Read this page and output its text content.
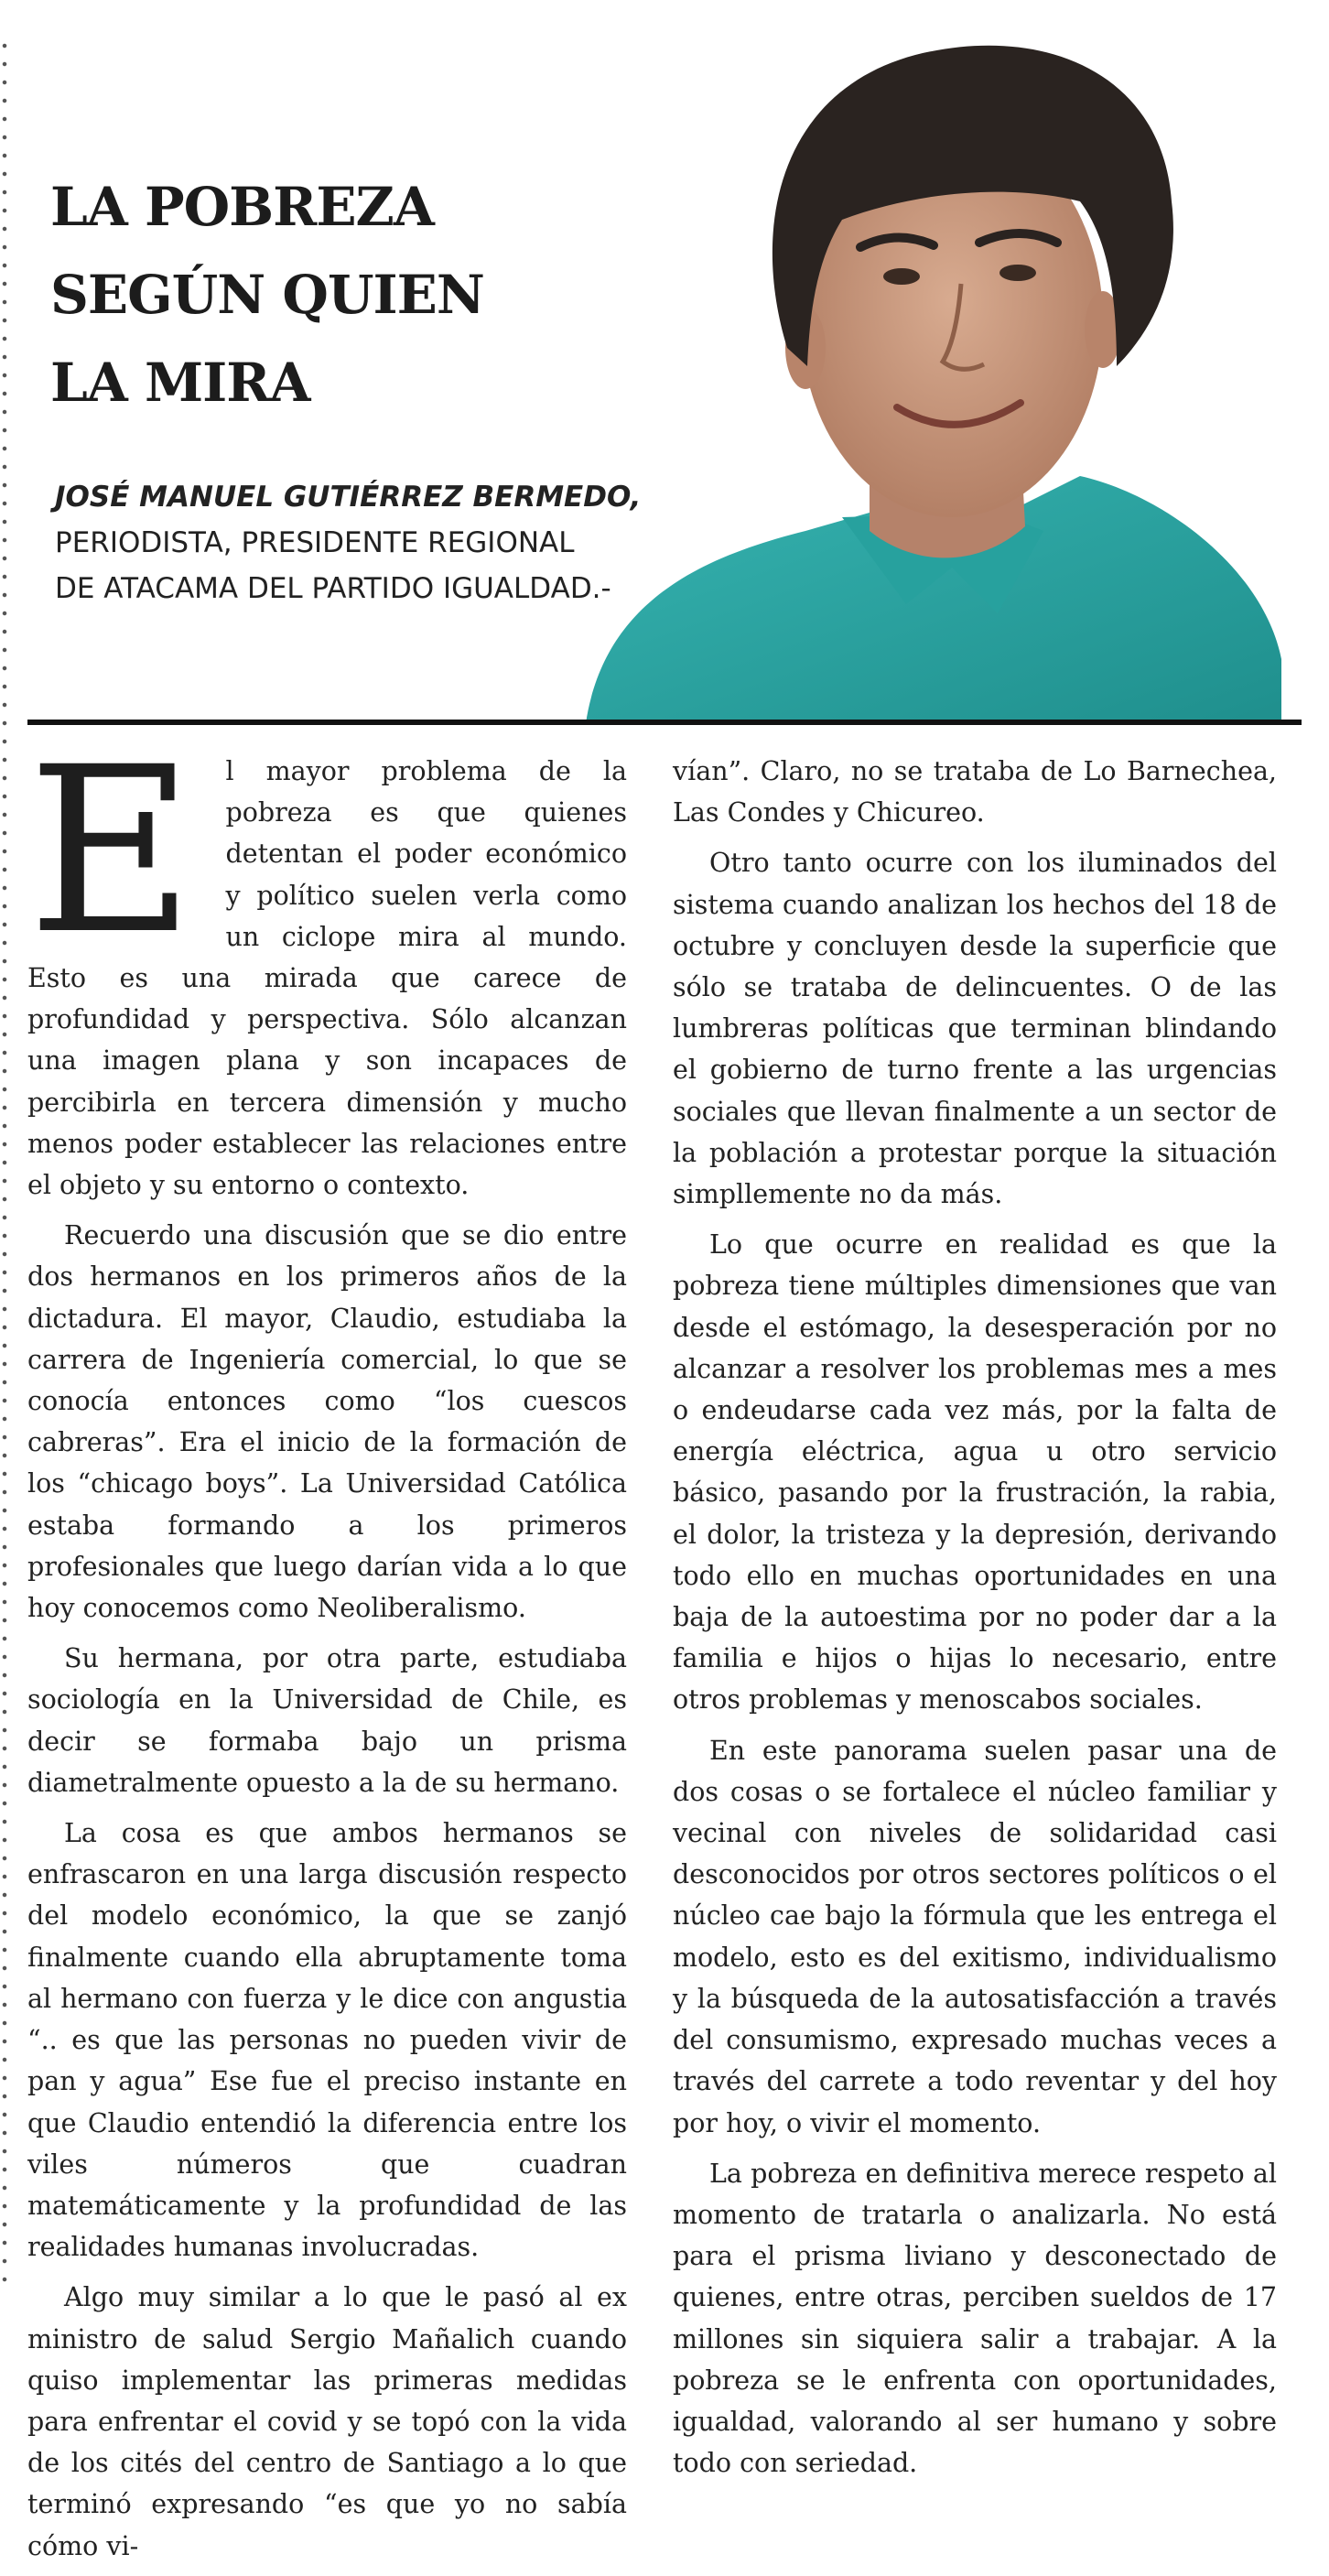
LA POBREZA
SEGÚN QUIEN
LA MIRA
JOSÉ MANUEL GUTIÉRREZ BERMEDO,
PERIODISTA, PRESIDENTE REGIONAL
DE ATACAMA DEL PARTIDO IGUALDAD.-

E l mayor problema de la pobreza es que quienes detentan el poder económico y político suelen verla como un ciclope mira al mundo. Esto es una mirada que carece de profundidad y perspectiva. Sólo alcanzan una imagen plana y son incapaces de percibirla en tercera dimensión y mucho menos poder establecer las relaciones entre el objeto y su entorno o contexto.

Recuerdo una discusión que se dio entre dos hermanos en los primeros años de la dictadura. El mayor, Claudio, estudiaba la carrera de Ingeniería comercial, lo que se conocía entonces como “los cuescos cabreras”. Era el inicio de la formación de los “chicago boys”. La Universidad Católica estaba formando a los primeros profesionales que luego darían vida a lo que hoy conocemos como Neoliberalismo.

Su hermana, por otra parte, estudiaba sociología en la Universidad de Chile, es decir se formaba bajo un prisma diametralmente opuesto a la de su hermano.

La cosa es que ambos hermanos se enfrascaron en una larga discusión respecto del modelo económico, la que se zanjó finalmente cuando ella abruptamente toma al hermano con fuerza y le dice con angustia “.. es que las personas no pueden vivir de pan y agua” Ese fue el preciso instante en que Claudio entendió la diferencia entre los viles números que cuadran matemáticamente y la profundidad de las realidades humanas involucradas.

Algo muy similar a lo que le pasó al ex ministro de salud Sergio Mañalich cuando quiso implementar las primeras medidas para enfrentar el covid y se topó con la vida de los cités del centro de Santiago a lo que terminó expresando “es que yo no sabía cómo vi-

vían”. Claro, no se trataba de Lo Barnechea, Las Condes y Chicureo.

Otro tanto ocurre con los iluminados del sistema cuando analizan los hechos del 18 de octubre y concluyen desde la superficie que sólo se trataba de delincuentes. O de las lumbreras políticas que terminan blindando el gobierno de turno frente a las urgencias sociales que llevan finalmente a un sector de la población a protestar porque la situación simpllemente no da más.

Lo que ocurre en realidad es que la pobreza tiene múltiples dimensiones que van desde el estómago, la desesperación por no alcanzar a resolver los problemas mes a mes o endeudarse cada vez más, por la falta de energía eléctrica, agua u otro servicio básico, pasando por la frustración, la rabia, el dolor, la tristeza y la depresión, derivando todo ello en muchas oportunidades en una baja de la autoestima por no poder dar a la familia e hijos o hijas lo necesario, entre otros problemas y menoscabos sociales.

En este panorama suelen pasar una de dos cosas o se fortalece el núcleo familiar y vecinal con niveles de solidaridad casi desconocidos por otros sectores políticos o el núcleo cae bajo la fórmula que les entrega el modelo, esto es del exitismo, individualismo y la búsqueda de la autosatisfacción a través del consumismo, expresado muchas veces a través del carrete a todo reventar y del hoy por hoy, o vivir el momento.

La pobreza en definitiva merece respeto al momento de tratarla o analizarla. No está para el prisma liviano y desconectado de quienes, entre otras, perciben sueldos de 17 millones sin siquiera salir a trabajar. A la pobreza se le enfrenta con oportunidades, igualdad, valorando al ser humano y sobre todo con seriedad.
